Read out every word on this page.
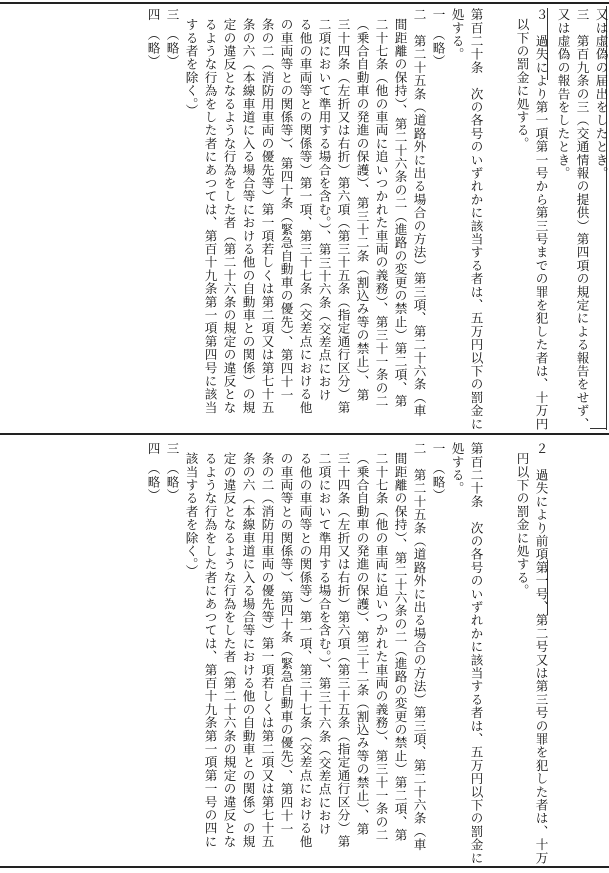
又は虚偽の届出をしたとき。
三　第百九条の三（交通情報の提供）第四項の規定による報告をせず、
又は虚偽の報告をしたとき。
３　過失により第一項第一号から第三号までの罪を犯した者は、十万円
以下の罰金に処する。
第百二十条　次の各号のいずれかに該当する者は、五万円以下の罰金に
処する。
一　（略）
二　第二十五条（道路外に出る場合の方法）第三項、第二十六条（車
間距離の保持）、第二十六条の二（進路の変更の禁止）第二項、第
二十七条（他の車両に追いつかれた車両の義務）、第三十一条の二
（乗合自動車の発進の保護）、第三十二条（割込み等の禁止）、第
三十四条（左折又は右折）第六項（第三十五条（指定通行区分）第
二項において準用する場合を含む。）、第三十六条（交差点におけ
る他の車両等との関係等）第一項、第三十七条（交差点における他
の車両等との関係等）、第四十条（緊急自動車の優先）、第四十一
条の二（消防用車両の優先等）第一項若しくは第二項又は第七十五
条の六（本線車道に入る場合等における他の自動車との関係）の規
定の違反となるような行為をした者（第二十六条の規定の違反とな
るような行為をした者にあつては、第百十九条第一項第四号に該当
する者を除く。）
三　（略）
四　（略）
２　過失により前項第一号、第二号又は第三号の罪を犯した者は、十万
円以下の罰金に処する。
第百二十条　次の各号のいずれかに該当する者は、五万円以下の罰金に
処する。
一　（略）
二　第二十五条（道路外に出る場合の方法）第三項、第二十六条（車
間距離の保持）、第二十六条の二（進路の変更の禁止）第二項、第
二十七条（他の車両に追いつかれた車両の義務）、第三十一条の二
（乗合自動車の発進の保護）、第三十二条（割込み等の禁止）、第
三十四条（左折又は右折）第六項（第三十五条（指定通行区分）第
二項において準用する場合を含む。）、第三十六条（交差点におけ
る他の車両等との関係等）第一項、第三十七条（交差点における他
の車両等との関係等）、第四十条（緊急自動車の優先）、第四十一
条の二（消防用車両の優先等）第一項若しくは第二項又は第七十五
条の六（本線車道に入る場合等における他の自動車との関係）の規
定の違反となるような行為をした者（第二十六条の規定の違反とな
るような行為をした者にあつては、第百十九条第一項第一号の四に
該当する者を除く。）
三　（略）
四　（略）
